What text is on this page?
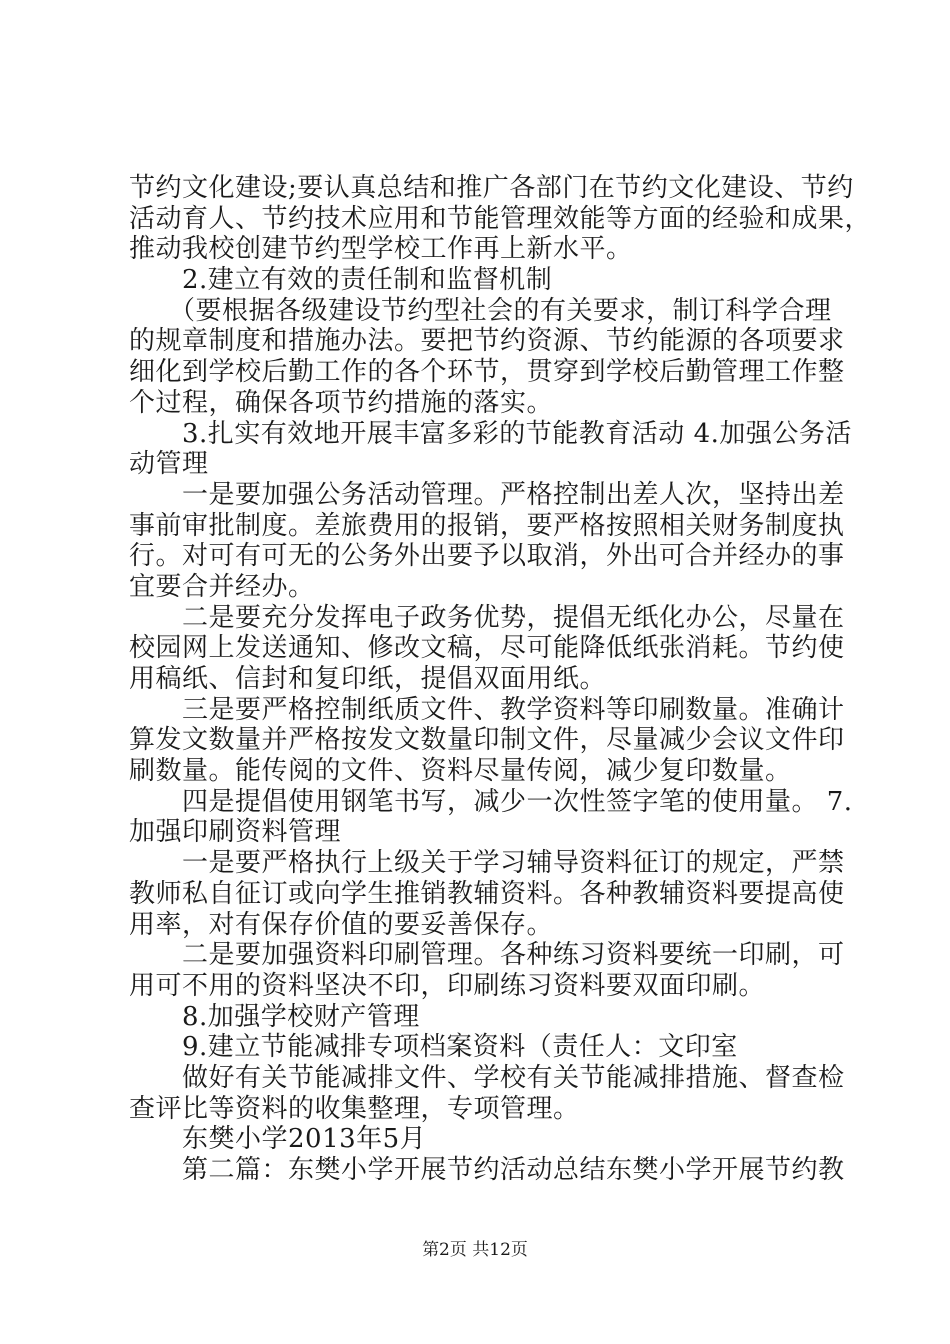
节约文化建设;要认真总结和推广各部门在节约文化建设、节约
活动育人、节约技术应用和节能管理效能等方面的经验和成果，
推动我校创建节约型学校工作再上新水平。
　　2.建立有效的责任制和监督机制
　　（要根据各级建设节约型社会的有关要求，制订科学合理
的规章制度和措施办法。要把节约资源、节约能源的各项要求
细化到学校后勤工作的各个环节，贯穿到学校后勤管理工作整
个过程，确保各项节约措施的落实。
　　3.扎实有效地开展丰富多彩的节能教育活动 4.加强公务活
动管理
　　一是要加强公务活动管理。严格控制出差人次，坚持出差
事前审批制度。差旅费用的报销，要严格按照相关财务制度执
行。对可有可无的公务外出要予以取消，外出可合并经办的事
宜要合并经办。
　　二是要充分发挥电子政务优势，提倡无纸化办公，尽量在
校园网上发送通知、修改文稿，尽可能降低纸张消耗。节约使
用稿纸、信封和复印纸，提倡双面用纸。
　　三是要严格控制纸质文件、教学资料等印刷数量。准确计
算发文数量并严格按发文数量印制文件，尽量减少会议文件印
刷数量。能传阅的文件、资料尽量传阅，减少复印数量。
　　四是提倡使用钢笔书写，减少一次性签字笔的使用量。 7.
加强印刷资料管理
　　一是要严格执行上级关于学习辅导资料征订的规定，严禁
教师私自征订或向学生推销教辅资料。各种教辅资料要提高使
用率，对有保存价值的要妥善保存。
　　二是要加强资料印刷管理。各种练习资料要统一印刷，可
用可不用的资料坚决不印，印刷练习资料要双面印刷。
　　8.加强学校财产管理
　　9.建立节能减排专项档案资料（责任人：文印室
　　做好有关节能减排文件、学校有关节能减排措施、督查检
查评比等资料的收集整理，专项管理。
　　东樊小学2013年5月
　　第二篇：东樊小学开展节约活动总结东樊小学开展节约教
第2页 共12页
